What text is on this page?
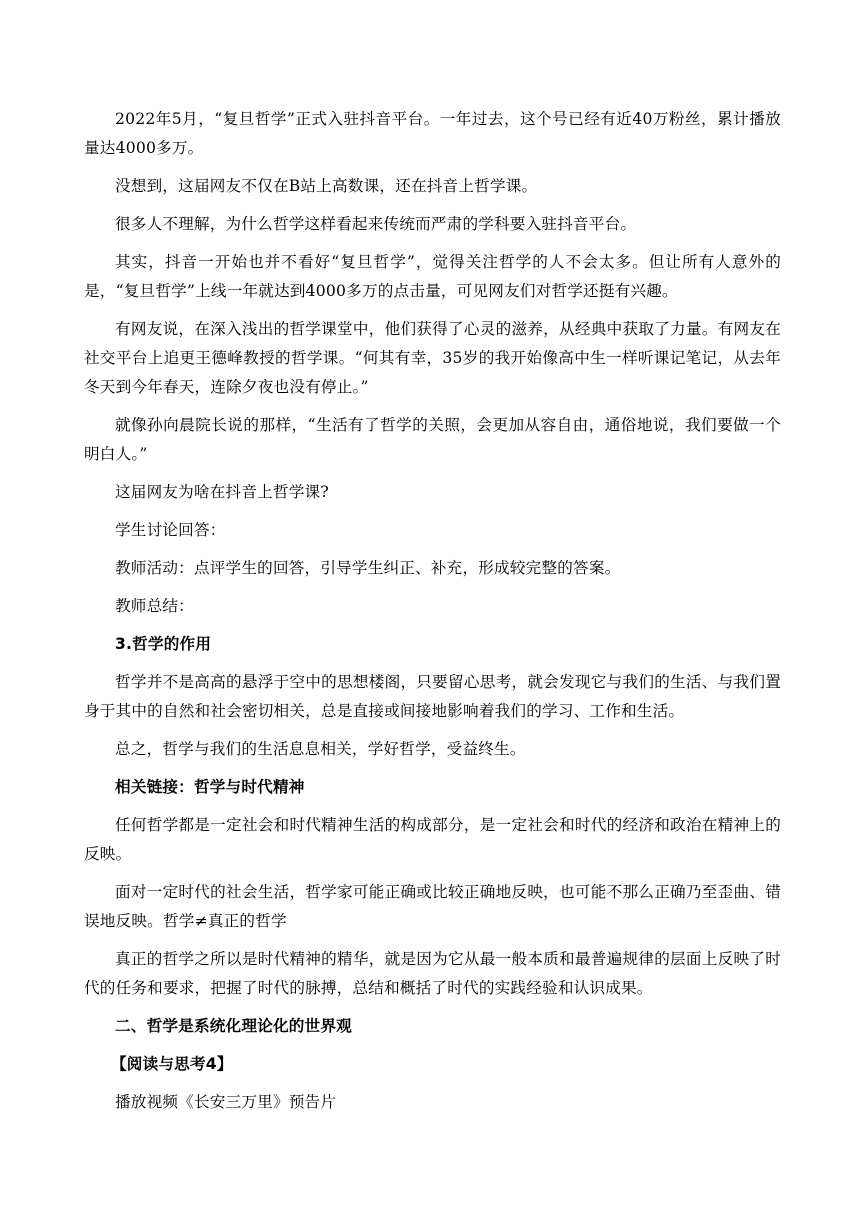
2022年5月，“复旦哲学”正式入驻抖音平台。一年过去，这个号已经有近40万粉丝，累计播放量达4000多万。

没想到，这届网友不仅在B站上高数课，还在抖音上哲学课。

很多人不理解，为什么哲学这样看起来传统而严肃的学科要入驻抖音平台。

其实，抖音一开始也并不看好“复旦哲学”，觉得关注哲学的人不会太多。但让所有人意外的是，“复旦哲学”上线一年就达到4000多万的点击量，可见网友们对哲学还挺有兴趣。

有网友说，在深入浅出的哲学课堂中，他们获得了心灵的滋养，从经典中获取了力量。有网友在社交平台上追更王德峰教授的哲学课。“何其有幸，35岁的我开始像高中生一样听课记笔记，从去年冬天到今年春天，连除夕夜也没有停止。”

就像孙向晨院长说的那样，“生活有了哲学的关照，会更加从容自由，通俗地说，我们要做一个明白人。”

这届网友为啥在抖音上哲学课?

学生讨论回答：

教师活动：点评学生的回答，引导学生纠正、补充，形成较完整的答案。

教师总结：

3.哲学的作用

哲学并不是高高的悬浮于空中的思想楼阁，只要留心思考，就会发现它与我们的生活、与我们置身于其中的自然和社会密切相关，总是直接或间接地影响着我们的学习、工作和生活。

总之，哲学与我们的生活息息相关，学好哲学，受益终生。

相关链接：哲学与时代精神

任何哲学都是一定社会和时代精神生活的构成部分，是一定社会和时代的经济和政治在精神上的反映。

面对一定时代的社会生活，哲学家可能正确或比较正确地反映，也可能不那么正确乃至歪曲、错误地反映。哲学≠真正的哲学

真正的哲学之所以是时代精神的精华，就是因为它从最一般本质和最普遍规律的层面上反映了时代的任务和要求，把握了时代的脉搏，总结和概括了时代的实践经验和认识成果。

二、哲学是系统化理论化的世界观

【阅读与思考4】

播放视频《长安三万里》预告片
